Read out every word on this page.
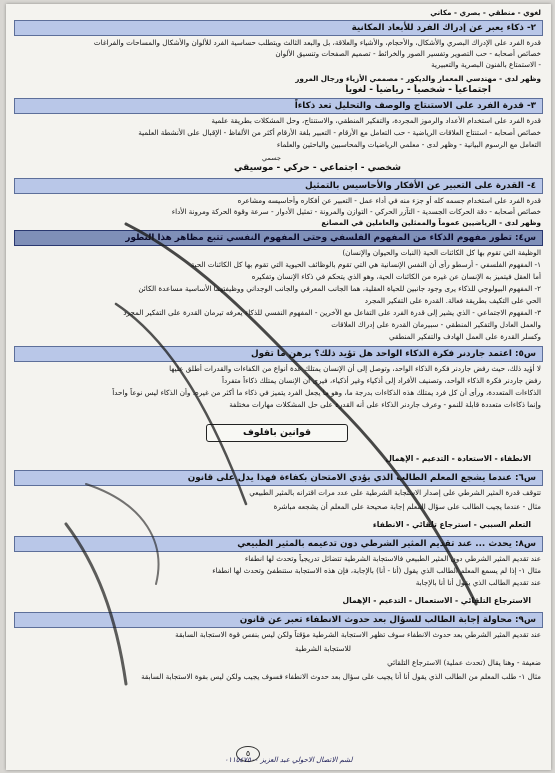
لغوي - منطقي - بصري - مكاني
٢- ذكاء يعبر عن إدراك الفرد للأبعاد المكانية
قدرة الفرد على الإدراك البصري والأشكال، والأحجام، والأشياء والعلاقة، بل والبعد الثالث ويتطلب حساسية الفرد للألوان والأشكال والمساحات والفراغات
خصائص أصحابه - حب التصوير وتفسير الصور والخرائط - تصميم الصفحات وتنسيق الألوان
- الاستمتاع بالفنون البصرية والتعبيرية
وظهر لدى - مهندسي المعمار والديكور - مصممي الأزياء ورجال المرور
اجتماعياً - شخصياً - رياضياً - لغوياً
٣- قدرة الفرد على الاستنتاج والوصف والتحليل تعد ذكاءاً
قدرة الفرد على استخدام الأعداد والرموز المجردة، والتفكير المنطقي، والاستنتاج، وحل المشكلات بطريقة علمية
خصائص أصحابه - استنتاج العلاقات الرياضية - حب التعامل مع الأرقام - التعبير بلغة الأرقام أكثر من الألفاظ - الإقبال على الأنشطة العلمية
التعامل مع الرسوم البيانية - وظهر لدى - معلمي الرياضيات والمحاسبين والباحثين والعلماء
جسمي
شخصي - اجتماعي - حركي - موسيقي
٤- القدرة على التعبير عن الأفكار والأحاسيس بالتمثيل
قدرة الفرد على استخدام جسمه كله أو جزء منه في أداء عمل - التعبير عن أفكاره وأحاسيسه ومشاعره
خصائص أصحابه - دقة الحركات الجسدية - التآزر الحركي - التوازن والمرونة - تمثيل الأدوار - سرعة وقوة الحركة ومرونة الأداء
وظهر لدى - الرياضيين عموماً والممثلين والعاملين في المصانع
س٤: تطور مفهوم الذكاء من المفهوم الفلسفي وحتى المفهوم النفسي تتبع مظاهر هذا التطور
الوظيفة التي تقوم بها كل الكائنات الحية (النبات والحيوان والإنسان)
١- المفهوم الفلسفي - أرسطو رأى أن النفس الإنسانية هي التي تقوم بالوظائف الحيوية التي تقوم بها كل الكائنات الحية
أما العقل فيتميز به الإنسان عن غيره من الكائنات الحية، وهو الذي يتحكم في ذكاء الإنسان وتفكيره
٢- المفهوم البيولوجي للذكاء يرى وجود جانبين للحياة العقلية، هما الجانب المعرفي والجانب الوجداني ووظيفتهما الأساسية مساعدة الكائن
الحي على التكيف بطريقة فعالة. القدرة على التفكير المجرد
٣- المفهوم الاجتماعي - الذي يشير إلى قدرة الفرد على التفاعل مع الآخرين - المفهوم النفسي للذكاء يعرفه تيرمان القدرة على التفكير المجرد
والعمل العادل والتفكير المنطقي - سبيرمان القدرة على إدراك العلاقات
وكسلر القدرة على العمل الهادف والتفكير المنطقي
س٥: اعتمد جاردنر فكرة الذكاء الواحد هل تؤيد ذلك؟ برهن ما تقول
لا أؤيد ذلك، حيث رفض جاردنر فكرة الذكاء الواحد، وتوصل إلى أن الإنسان يمتلك عدة أنواع من الكفاءات والقدرات أطلق عليها
رفض جاردنر فكرة الذكاء الواحد، وتصنيف الأفراد إلى أذكياء وغير أذكياء، فيرى أن الإنسان يمتلك ذكاءاً متفرداً
الذكاءات المتعددة، ورأى أن كل فرد يمتلك هذه الذكاءات بدرجة ما، وهو ما يجعل الفرد يتميز في ذكاء ما أكثر من غيره، وأن الذكاء ليس نوعاً واحداً
وإنما ذكاءات متعددة قابلة للنمو - وعرف جاردنر الذكاء على أنه القدرة على حل المشكلات مهارات مختلفة
قوانين بافلوف
الانطفاء - الاستعادة - التدعيم - الإهمال
س٦: عندما يشجع المعلم الطالب الذي يؤدي الامتحان بكفاءة فهذا يدل على قانون
تتوقف قدرة المثير الشرطي على إصدار الاستجابة الشرطية على عدد مرات اقترانه بالمثير الطبيعي
مثال - عندما يجيب الطالب على سؤال المعلم إجابة صحيحة على المعلم أن يشجعه مباشرة
التعلم السببي - استرجاع تلقائي - الانطفاء
س٨: يحدث ... عند تقديم المثير الشرطي دون تدعيمه بالمثير الطبيعي
عند تقديم المثير الشرطي دون المثير الطبيعي فالاستجابة الشرطية تتضائل تدريجياً وتحدث لها انطفاء
مثال ١- إذا لم يسمع المعلم الطالب الذي يقول (أنا - أنا) بالإجابة، فإن هذه الاستجابة ستنطفئ وتحدث لها انطفاء
عند تقديم الطالب الذي يقول أنا أنا بالإجابة
الاسترجاع التلقائي - الاستعمال - التدعيم - الإهمال
س٩: محاولة إجابة الطالب للسؤال بعد حدوث الانطفاء تعبر عن قانون
عند تقديم المثير الشرطي بعد حدوث الانطفاء سوف تظهر الاستجابة الشرطية مؤقتاً ولكن ليس بنفس قوة الاستجابة السابقة
للاستجابة الشرطية
ضعيفة - وهنا يقال (تحدث عملية) الاسترجاع التلقائي
مثال ١- طلب المعلم من الطالب الذي يقول أنا أنا يجيب على سؤال بعد حدوث الانطفاء فسوف يجيب ولكن ليس بقوة الاستجابة السابقة
٥
لشم الاتصال الاحولي عبد العزيز ٠١١٥٤٧٥٠٠
